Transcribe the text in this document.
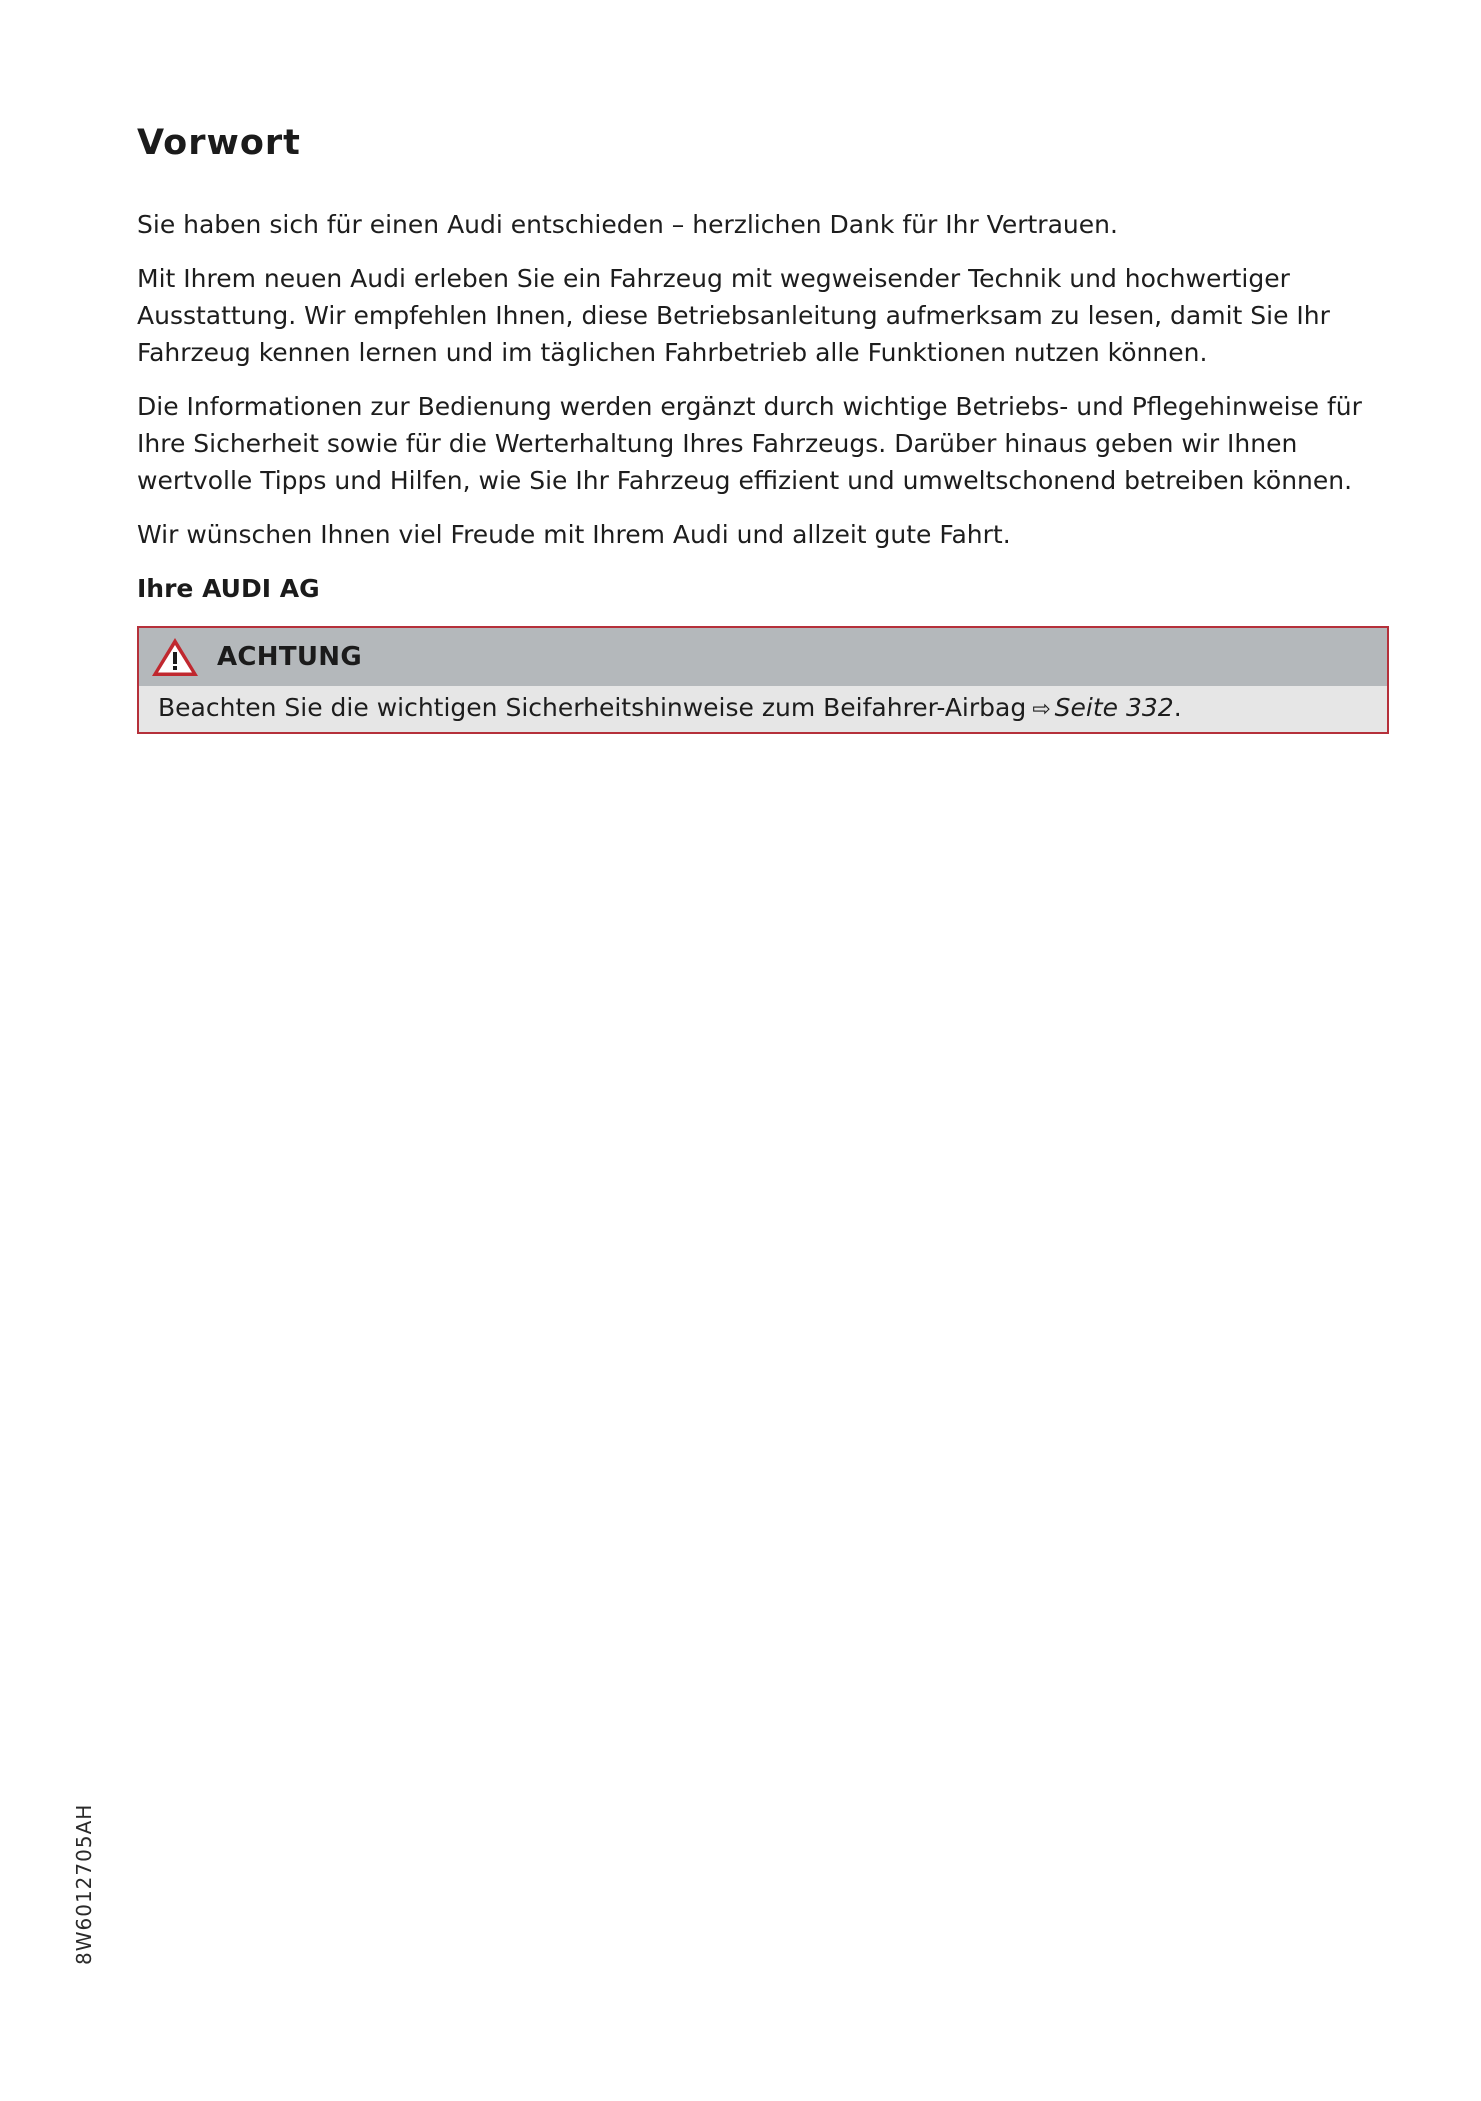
Vorwort

Sie haben sich für einen Audi entschieden – herzlichen Dank für Ihr Vertrauen.

Mit Ihrem neuen Audi erleben Sie ein Fahrzeug mit wegweisender Technik und hochwertiger Ausstattung. Wir empfehlen Ihnen, diese Betriebsanleitung aufmerksam zu lesen, damit Sie Ihr Fahrzeug kennen lernen und im täglichen Fahrbetrieb alle Funktionen nutzen können.

Die Informationen zur Bedienung werden ergänzt durch wichtige Betriebs- und Pflegehinweise für Ihre Sicherheit sowie für die Werterhaltung Ihres Fahrzeugs. Darüber hinaus geben wir Ihnen wertvolle Tipps und Hilfen, wie Sie Ihr Fahrzeug effizient und umweltschonend betreiben können.

Wir wünschen Ihnen viel Freude mit Ihrem Audi und allzeit gute Fahrt.

Ihre AUDI AG
ACHTUNG
Beachten Sie die wichtigen Sicherheitshinweise zum Beifahrer-Airbag ⇨ Seite 332.
8W6012705AH
